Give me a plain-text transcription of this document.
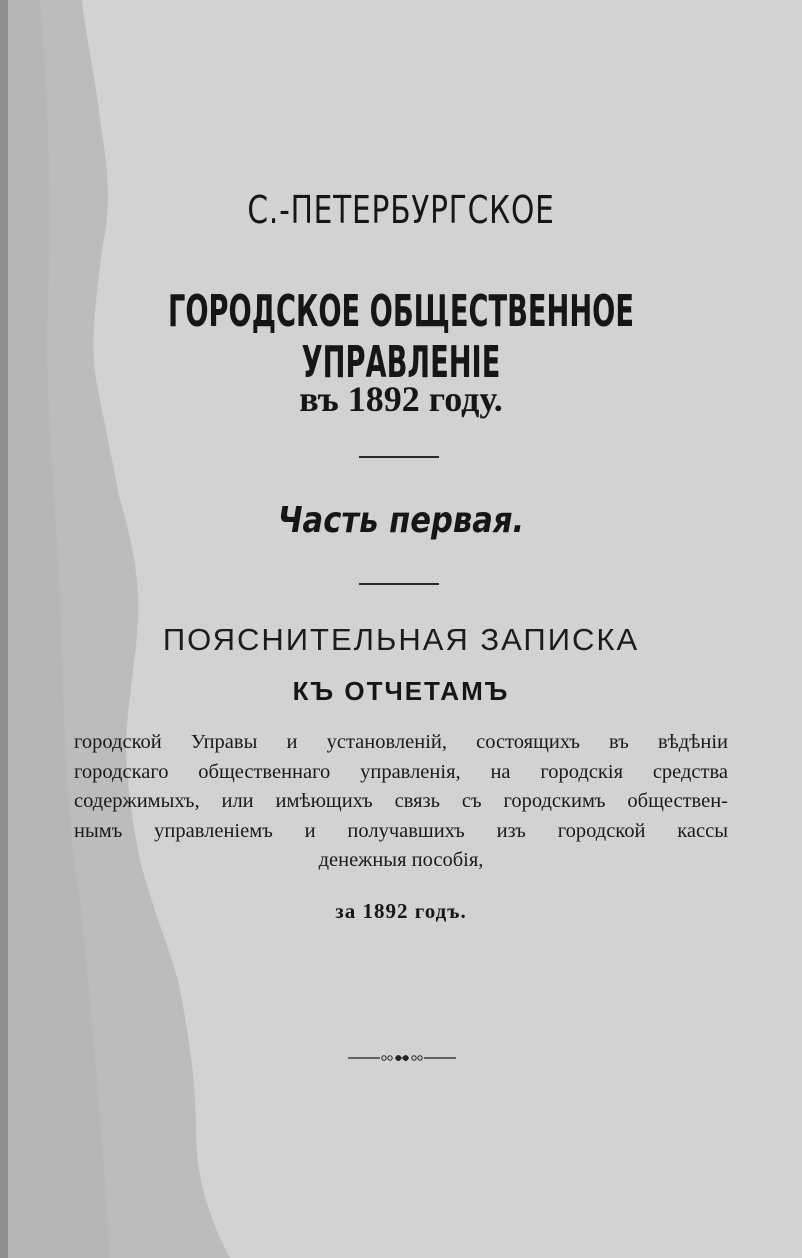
С.-ПЕТЕРБУРГСКОЕ
ГОРОДСКОЕ ОБЩЕСТВЕННОЕ УПРАВЛЕНІЕ
въ 1892 году.
Часть первая.
ПОЯСНИТЕЛЬНАЯ ЗАПИСКА
КЪ ОТЧЕТАМЪ
городской Управы и установленій, состоящихъ въ вѣдѣніи
городскаго общественнаго управленія, на городскія средства
содержимыхъ, или имѣющихъ связь съ городскимъ обществен-
нымъ управленіемъ и получавшихъ изъ городской кассы
денежныя пособія,
за 1892 годъ.
